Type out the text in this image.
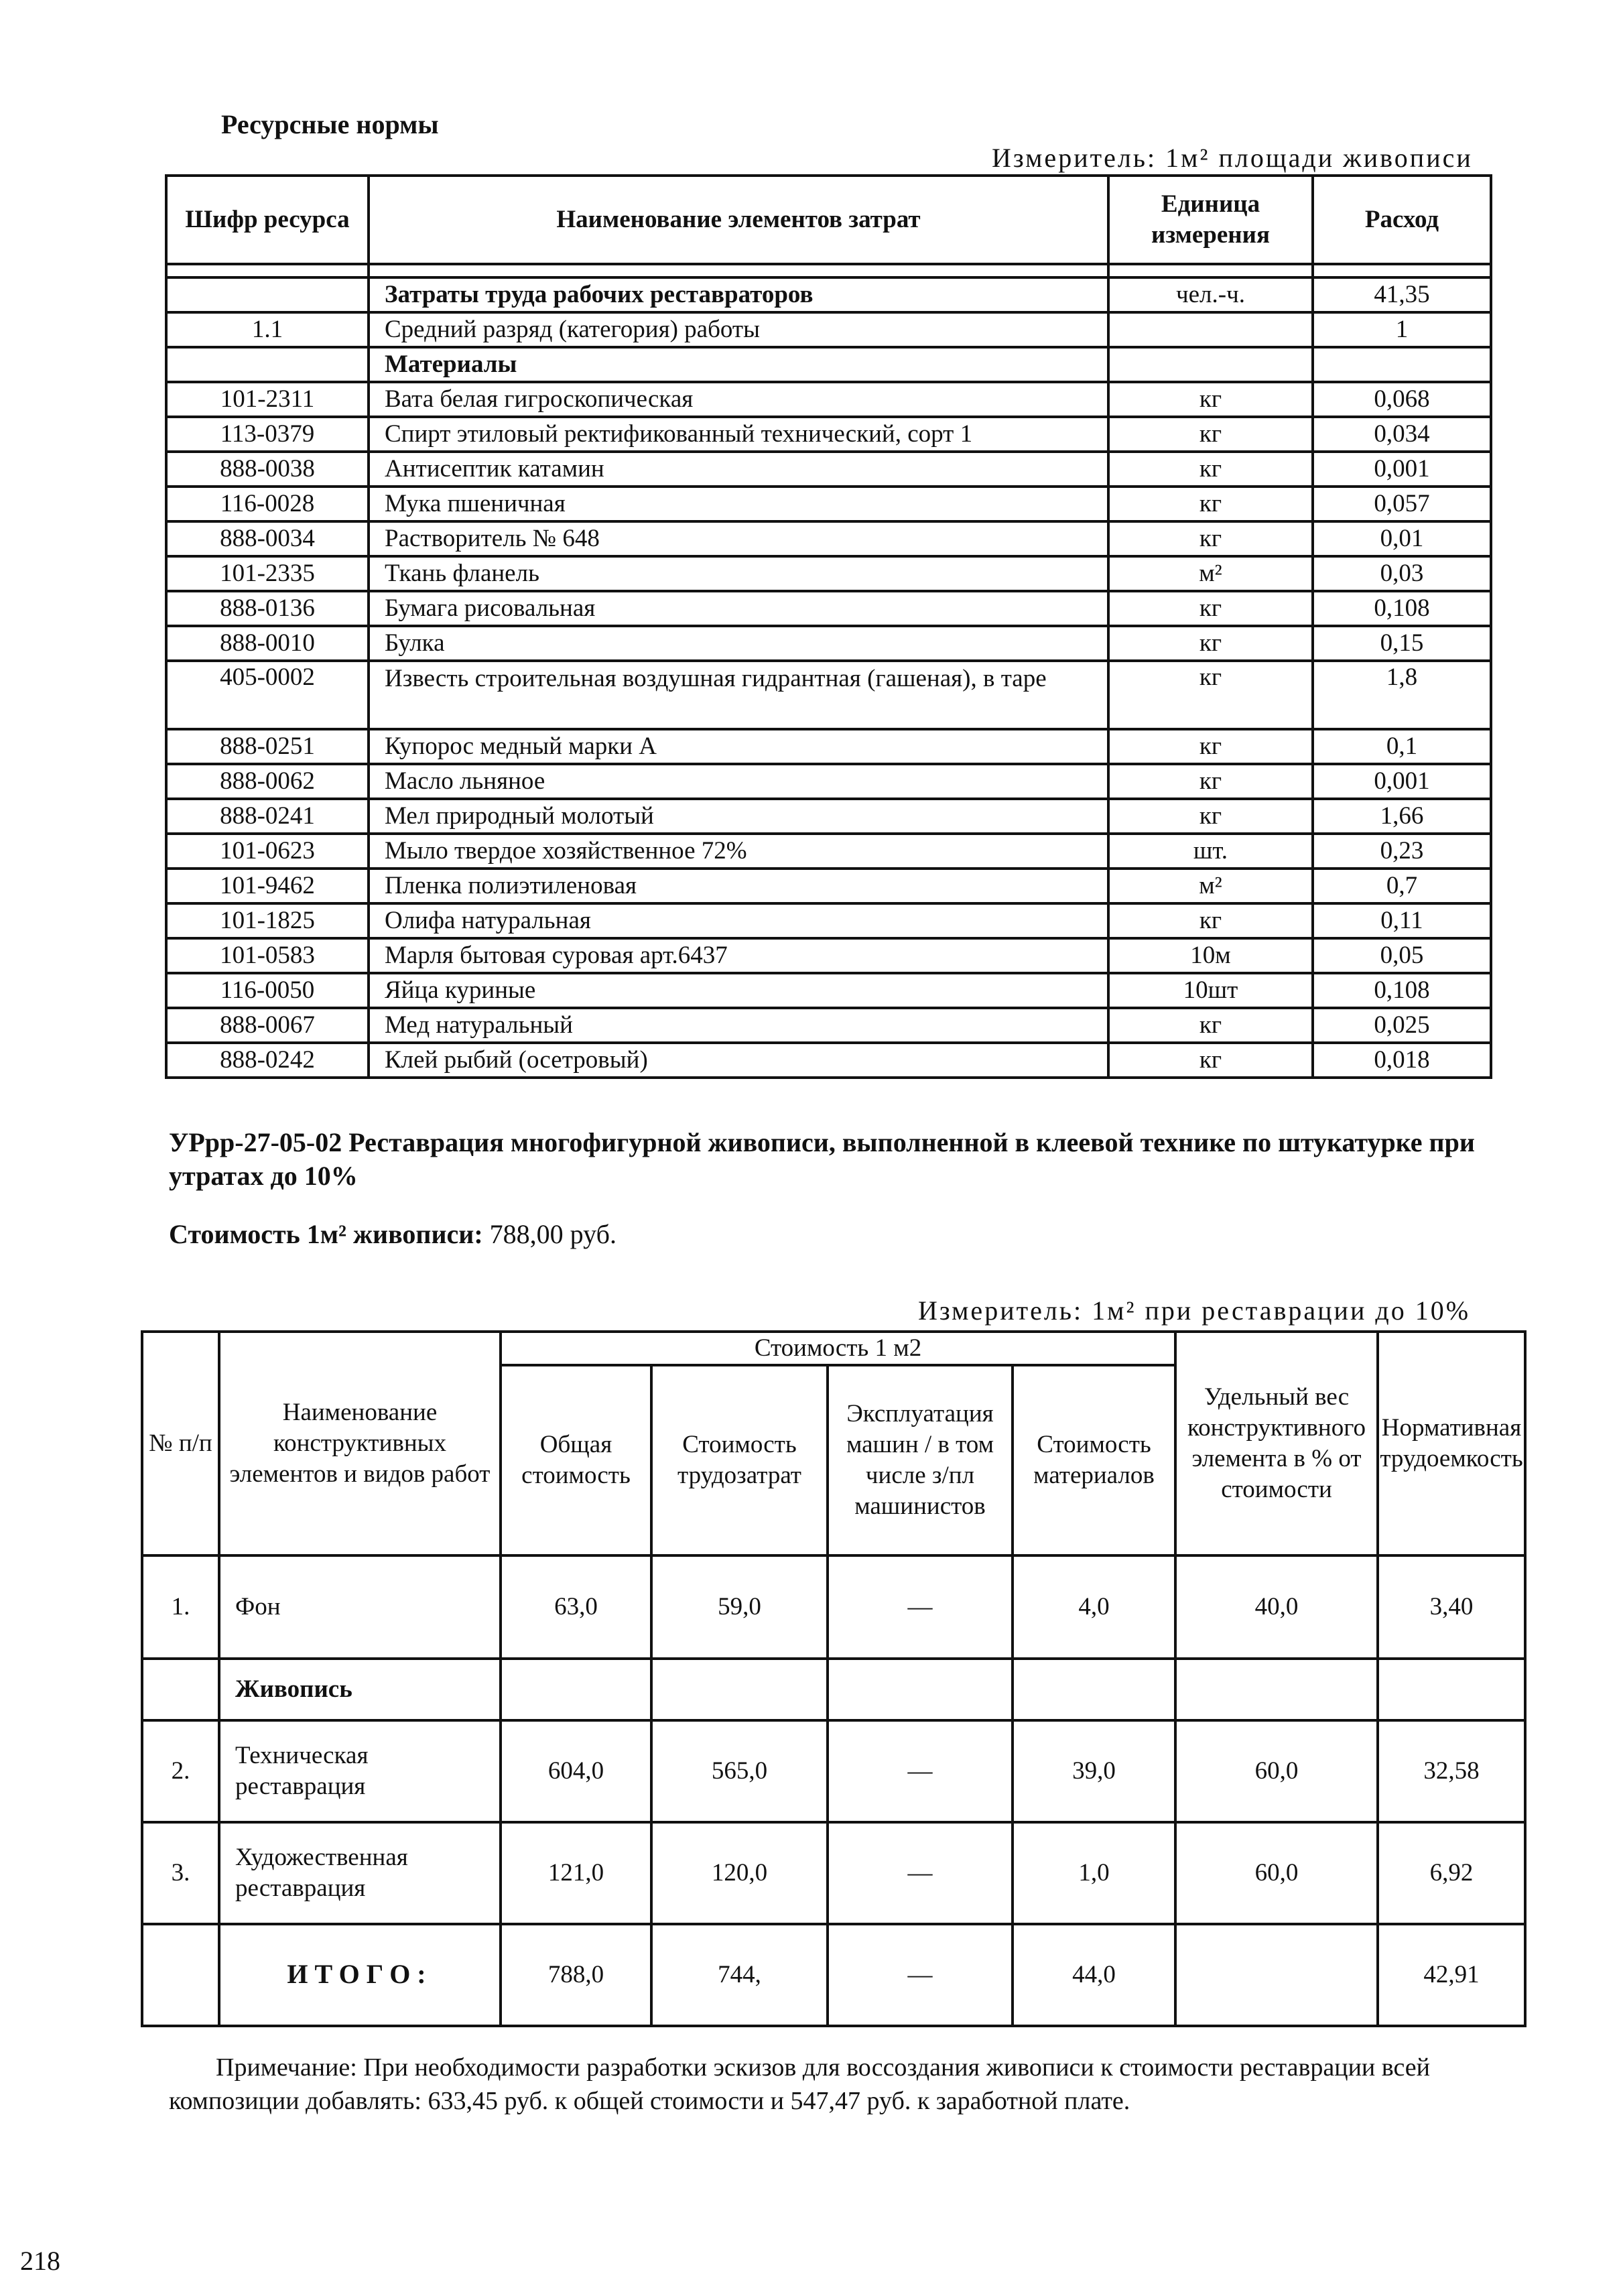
Ресурсные нормы
Измеритель: 1м² площади живописи
Шифр ресурса	Наименование элементов затрат	Единица измерения	Расход

	Затраты труда рабочих реставраторов	чел.-ч.	41,35
1.1	Средний разряд (категория) работы		1
	Материалы		
101-2311	Вата белая гигроскопическая	кг	0,068
113-0379	Спирт этиловый ректификованный технический, сорт 1	кг	0,034
888-0038	Антисептик катамин	кг	0,001
116-0028	Мука пшеничная	кг	0,057
888-0034	Растворитель № 648	кг	0,01
101-2335	Ткань фланель	м²	0,03
888-0136	Бумага рисовальная	кг	0,108
888-0010	Булка	кг	0,15
405-0002	Известь строительная воздушная гидрантная (гашеная), в таре	кг	1,8
888-0251	Купорос медный марки А	кг	0,1
888-0062	Масло льняное	кг	0,001
888-0241	Мел природный молотый	кг	1,66
101-0623	Мыло твердое хозяйственное 72%	шт.	0,23
101-9462	Пленка полиэтиленовая	м²	0,7
101-1825	Олифа натуральная	кг	0,11
101-0583	Марля бытовая суровая арт.6437	10м	0,05
116-0050	Яйца куриные	10шт	0,108
888-0067	Мед натуральный	кг	0,025
888-0242	Клей рыбий (осетровый)	кг	0,018
УРрр-27-05-02 Реставрация многофигурной живописи, выполненной в клеевой технике по штукатурке при утратах до 10%
Стоимость 1м² живописи: 788,00 руб.
Измеритель: 1м² при реставрации до 10%
№ п/п	Наименование конструктивных элементов и видов работ	Стоимость 1 м2				Удельный вес конструктивного элемента в % от стоимости	Нормативная трудоемкость
		Общая стоимость	Стоимость трудозатрат	Эксплуатация машин / в том числе з/пл машинистов	Стоимость материалов		
1.	Фон	63,0	59,0	—	4,0	40,0	3,40
	Живопись						
2.	Техническая реставрация	604,0	565,0	—	39,0	60,0	32,58
3.	Художественная реставрация	121,0	120,0	—	1,0	60,0	6,92
	ИТОГО:	788,0	744,	—	44,0		42,91
Примечание: При необходимости разработки эскизов для воссоздания живописи к стоимости реставрации всей композиции добавлять: 633,45 руб. к общей стоимости и 547,47 руб. к заработной плате.
218
